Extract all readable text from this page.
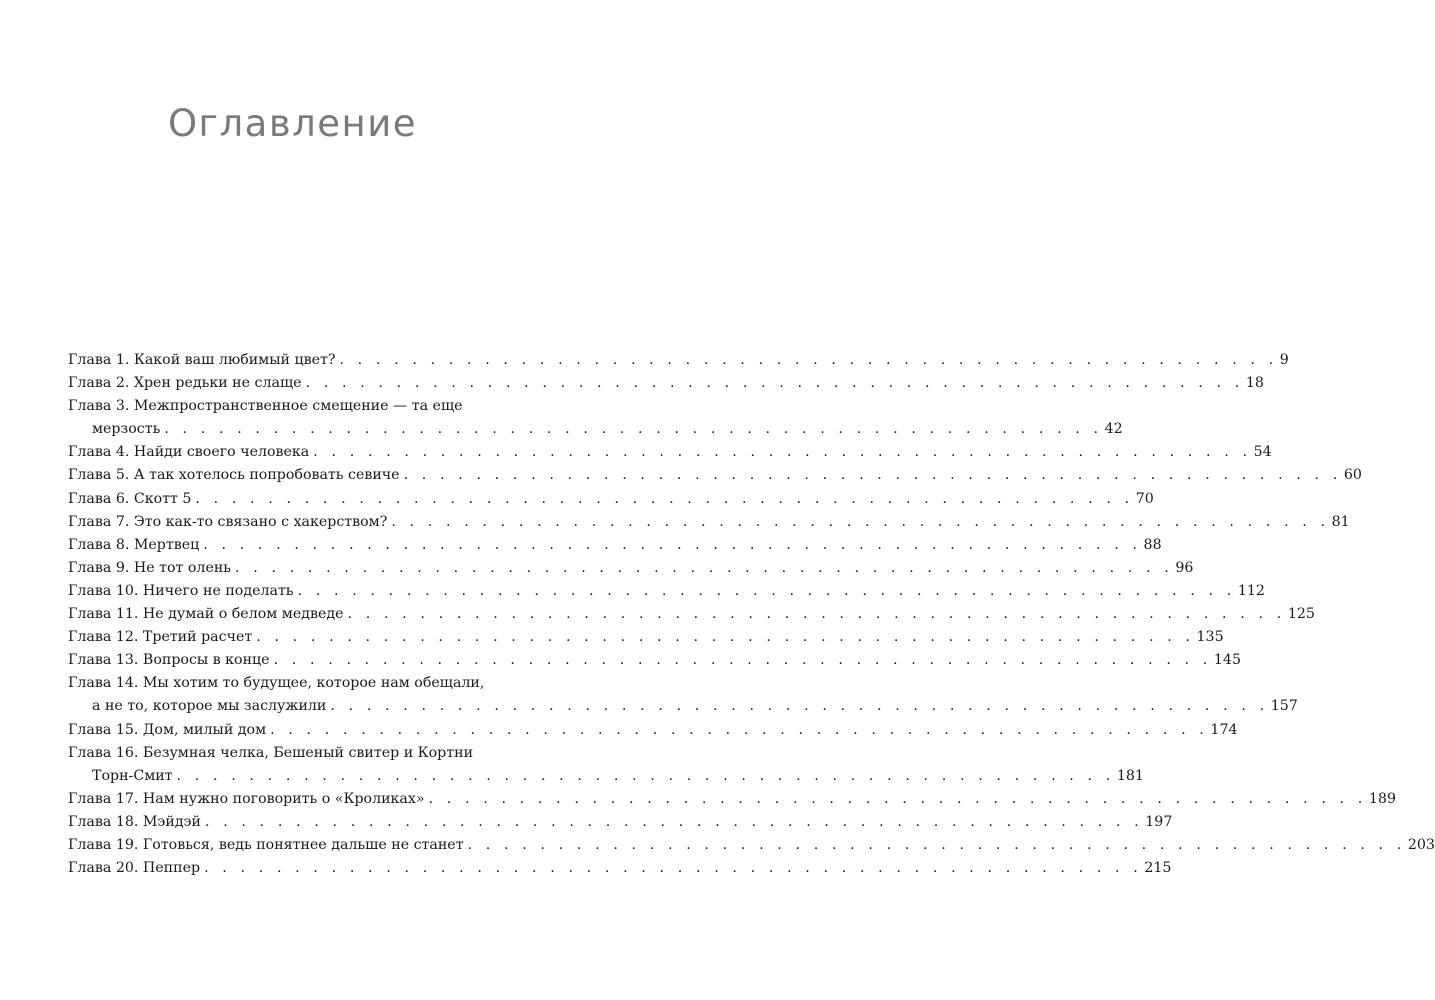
Оглавление
Глава 1. Какой ваш любимый цвет? . . . . . . . . . . . . . . . . . . . . . . . . . . . . . . . . . . . . . . . . . . . . . . . . . . . . 9
Глава 2. Хрен редьки не слаще . . . . . . . . . . . . . . . . . . . . . . . . . . . . . . . . . . . . . . . . . . . . . . . . . . . . 18
Глава 3. Межпространственное смещение — та еще
мерзость . . . . . . . . . . . . . . . . . . . . . . . . . . . . . . . . . . . . . . . . . . . . . . . . . . . . 42
Глава 4. Найди своего человека . . . . . . . . . . . . . . . . . . . . . . . . . . . . . . . . . . . . . . . . . . . . . . . . . . . . 54
Глава 5. А так хотелось попробовать севиче . . . . . . . . . . . . . . . . . . . . . . . . . . . . . . . . . . . . . . . . . . . . . . . . . . . . 60
Глава 6. Скотт 5 . . . . . . . . . . . . . . . . . . . . . . . . . . . . . . . . . . . . . . . . . . . . . . . . . . . . 70
Глава 7. Это как-то связано с хакерством? . . . . . . . . . . . . . . . . . . . . . . . . . . . . . . . . . . . . . . . . . . . . . . . . . . . . 81
Глава 8. Мертвец . . . . . . . . . . . . . . . . . . . . . . . . . . . . . . . . . . . . . . . . . . . . . . . . . . . . 88
Глава 9. Не тот олень . . . . . . . . . . . . . . . . . . . . . . . . . . . . . . . . . . . . . . . . . . . . . . . . . . . . 96
Глава 10. Ничего не поделать . . . . . . . . . . . . . . . . . . . . . . . . . . . . . . . . . . . . . . . . . . . . . . . . . . . . 112
Глава 11. Не думай о белом медведе . . . . . . . . . . . . . . . . . . . . . . . . . . . . . . . . . . . . . . . . . . . . . . . . . . . . 125
Глава 12. Третий расчет . . . . . . . . . . . . . . . . . . . . . . . . . . . . . . . . . . . . . . . . . . . . . . . . . . . . 135
Глава 13. Вопросы в конце . . . . . . . . . . . . . . . . . . . . . . . . . . . . . . . . . . . . . . . . . . . . . . . . . . . . 145
Глава 14. Мы хотим то будущее, которое нам обещали,
а не то, которое мы заслужили . . . . . . . . . . . . . . . . . . . . . . . . . . . . . . . . . . . . . . . . . . . . . . . . . . . . 157
Глава 15. Дом, милый дом . . . . . . . . . . . . . . . . . . . . . . . . . . . . . . . . . . . . . . . . . . . . . . . . . . . . 174
Глава 16. Безумная челка, Бешеный свитер и Кортни
Торн-Смит . . . . . . . . . . . . . . . . . . . . . . . . . . . . . . . . . . . . . . . . . . . . . . . . . . . . 181
Глава 17. Нам нужно поговорить о «Кроликах» . . . . . . . . . . . . . . . . . . . . . . . . . . . . . . . . . . . . . . . . . . . . . . . . . . . . 189
Глава 18. Мэйдэй . . . . . . . . . . . . . . . . . . . . . . . . . . . . . . . . . . . . . . . . . . . . . . . . . . . . 197
Глава 19. Готовься, ведь понятнее дальше не станет . . . . . . . . . . . . . . . . . . . . . . . . . . . . . . . . . . . . . . . . . . . . . . . . . . . . 203
Глава 20. Пеппер . . . . . . . . . . . . . . . . . . . . . . . . . . . . . . . . . . . . . . . . . . . . . . . . . . . . 215
